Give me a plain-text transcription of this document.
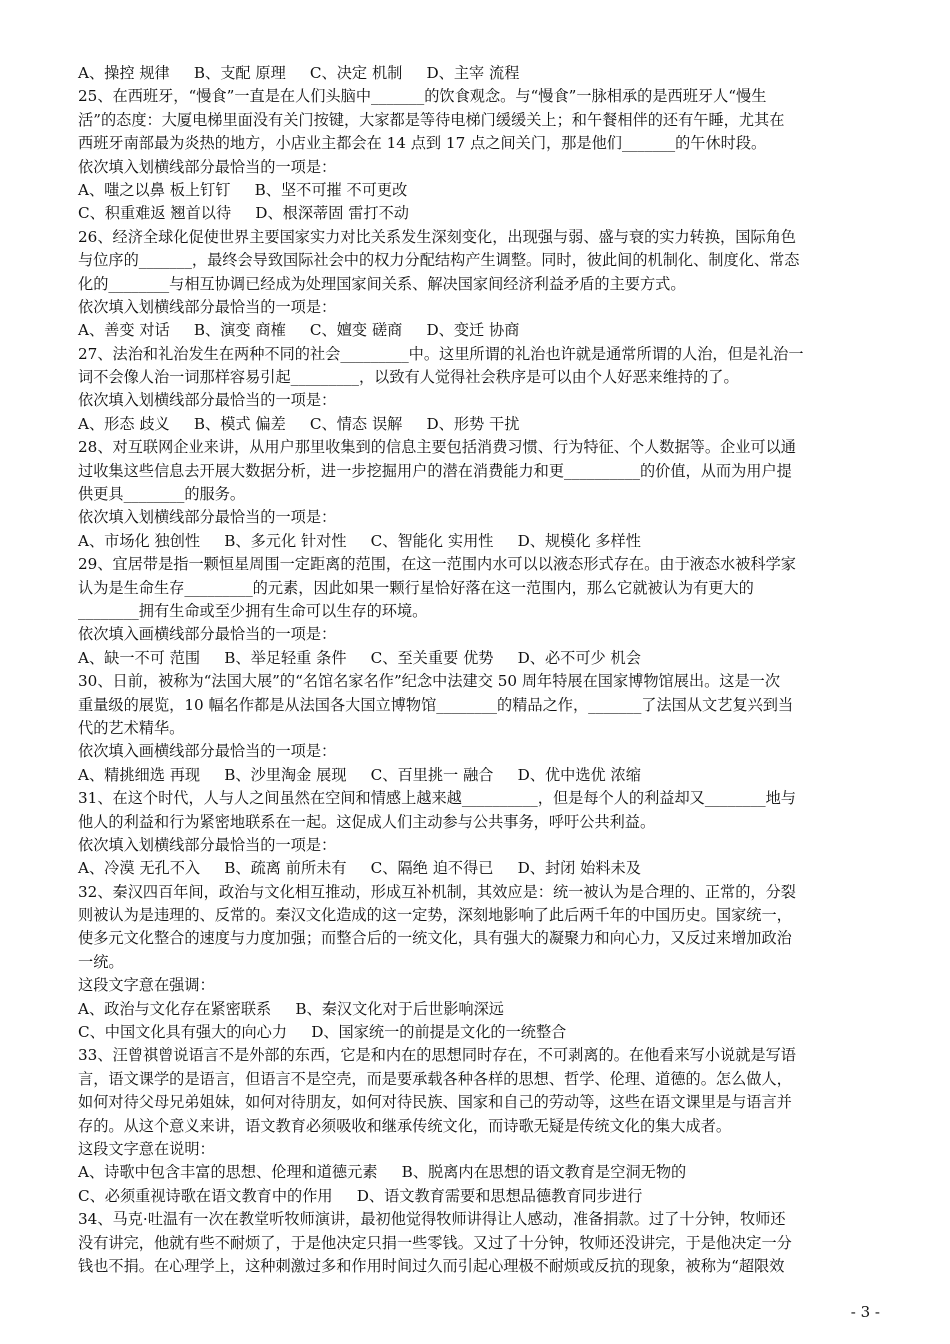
A、操控 规律     B、支配 原理     C、决定 机制     D、主宰 流程
25、在西班牙，“慢食”一直是在人们头脑中_______的饮食观念。与“慢食”一脉相承的是西班牙人“慢生
活”的态度：大厦电梯里面没有关门按键，大家都是等待电梯门缓缓关上；和午餐相伴的还有午睡，尤其在
西班牙南部最为炎热的地方，小店业主都会在 14 点到 17 点之间关门，那是他们_______的午休时段。
依次填入划横线部分最恰当的一项是：
A、嗤之以鼻 板上钉钉     B、坚不可摧 不可更改
C、积重难返 翘首以待     D、根深蒂固 雷打不动
26、经济全球化促使世界主要国家实力对比关系发生深刻变化，出现强与弱、盛与衰的实力转换，国际角色
与位序的_______，最终会导致国际社会中的权力分配结构产生调整。同时，彼此间的机制化、制度化、常态
化的________与相互协调已经成为处理国家间关系、解决国家间经济利益矛盾的主要方式。
依次填入划横线部分最恰当的一项是：
A、善变 对话     B、演变 商榷     C、嬗变 磋商     D、变迁 协商
27、法治和礼治发生在两种不同的社会_________中。这里所谓的礼治也许就是通常所谓的人治，但是礼治一
词不会像人治一词那样容易引起_________，以致有人觉得社会秩序是可以由个人好恶来维持的了。
依次填入划横线部分最恰当的一项是：
A、形态 歧义     B、模式 偏差     C、情态 误解     D、形势 干扰
28、对互联网企业来讲，从用户那里收集到的信息主要包括消费习惯、行为特征、个人数据等。企业可以通
过收集这些信息去开展大数据分析，进一步挖掘用户的潜在消费能力和更__________的价值，从而为用户提
供更具________的服务。
依次填入划横线部分最恰当的一项是：
A、市场化 独创性     B、多元化 针对性     C、智能化 实用性     D、规模化 多样性
29、宜居带是指一颗恒星周围一定距离的范围，在这一范围内水可以以液态形式存在。由于液态水被科学家
认为是生命生存_________的元素，因此如果一颗行星恰好落在这一范围内，那么它就被认为有更大的
________拥有生命或至少拥有生命可以生存的环境。
依次填入画横线部分最恰当的一项是：
A、缺一不可 范围     B、举足轻重 条件     C、至关重要 优势     D、必不可少 机会
30、日前，被称为“法国大展”的“名馆名家名作”纪念中法建交 50 周年特展在国家博物馆展出。这是一次
重量级的展览，10 幅名作都是从法国各大国立博物馆________的精品之作，_______了法国从文艺复兴到当
代的艺术精华。
依次填入画横线部分最恰当的一项是：
A、精挑细选 再现     B、沙里淘金 展现     C、百里挑一 融合     D、优中选优 浓缩
31、在这个时代，人与人之间虽然在空间和情感上越来越__________，但是每个人的利益却又________地与
他人的利益和行为紧密地联系在一起。这促成人们主动参与公共事务，呼吁公共利益。
依次填入划横线部分最恰当的一项是：
A、冷漠 无孔不入     B、疏离 前所未有     C、隔绝 迫不得已     D、封闭 始料未及
32、秦汉四百年间，政治与文化相互推动，形成互补机制，其效应是：统一被认为是合理的、正常的，分裂
则被认为是违理的、反常的。秦汉文化造成的这一定势，深刻地影响了此后两千年的中国历史。国家统一，
使多元文化整合的速度与力度加强；而整合后的一统文化，具有强大的凝聚力和向心力，又反过来增加政治
一统。
这段文字意在强调：
A、政治与文化存在紧密联系     B、秦汉文化对于后世影响深远
C、中国文化具有强大的向心力     D、国家统一的前提是文化的一统整合
33、汪曾祺曾说语言不是外部的东西，它是和内在的思想同时存在，不可剥离的。在他看来写小说就是写语
言，语文课学的是语言，但语言不是空壳，而是要承载各种各样的思想、哲学、伦理、道德的。怎么做人，
如何对待父母兄弟姐妹，如何对待朋友，如何对待民族、国家和自己的劳动等，这些在语文课里是与语言并
存的。从这个意义来讲，语文教育必须吸收和继承传统文化，而诗歌无疑是传统文化的集大成者。
这段文字意在说明：
A、诗歌中包含丰富的思想、伦理和道德元素     B、脱离内在思想的语文教育是空洞无物的
C、必须重视诗歌在语文教育中的作用     D、语文教育需要和思想品德教育同步进行
34、马克·吐温有一次在教堂听牧师演讲，最初他觉得牧师讲得让人感动，准备捐款。过了十分钟，牧师还
没有讲完，他就有些不耐烦了，于是他决定只捐一些零钱。又过了十分钟，牧师还没讲完，于是他决定一分
钱也不捐。在心理学上，这种刺激过多和作用时间过久而引起心理极不耐烦或反抗的现象，被称为“超限效
- 3 -
